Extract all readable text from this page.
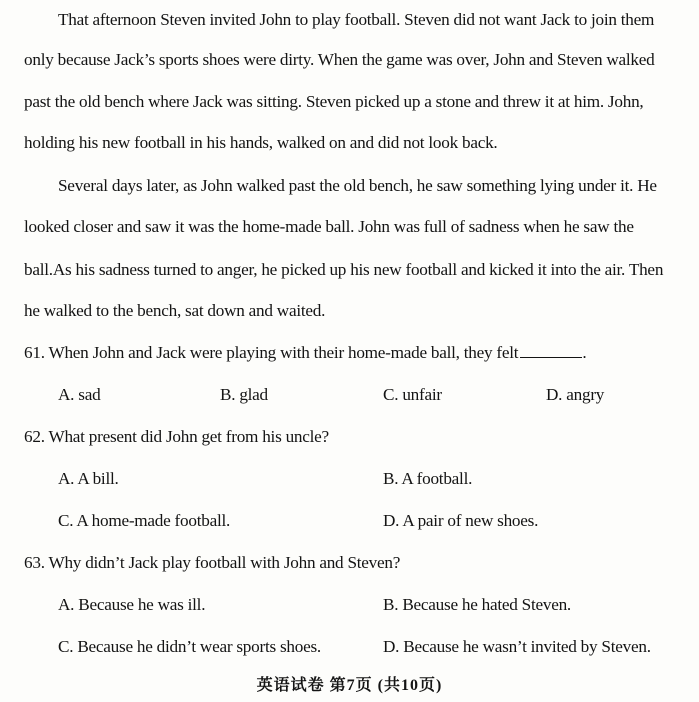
That afternoon Steven invited John to play football. Steven did not want Jack to join them
only because Jack’s sports shoes were dirty. When the game was over, John and Steven walked
past the old bench where Jack was sitting. Steven picked up a stone and threw it at him. John,
holding his new football in his hands, walked on and did not look back.
Several days later, as John walked past the old bench, he saw something lying under it. He
looked closer and saw it was the home-made ball. John was full of sadness when he saw the
ball.As his sadness turned to anger, he picked up his new football and kicked it into the air. Then
he walked to the bench, sat down and waited.
61. When John and Jack were playing with their home-made ball, they felt	.
A. sad	B. glad	C. unfair	D. angry
62. What present did John get from his uncle?
A. A bill.	B. A football.
C. A home-made football.	D. A pair of new shoes.
63. Why didn’t Jack play football with John and Steven?
A. Because he was ill.	B. Because he hated Steven.
C. Because he didn’t wear sports shoes.	D. Because he wasn’t invited by Steven.
英语试卷 第7页 (共10页)
